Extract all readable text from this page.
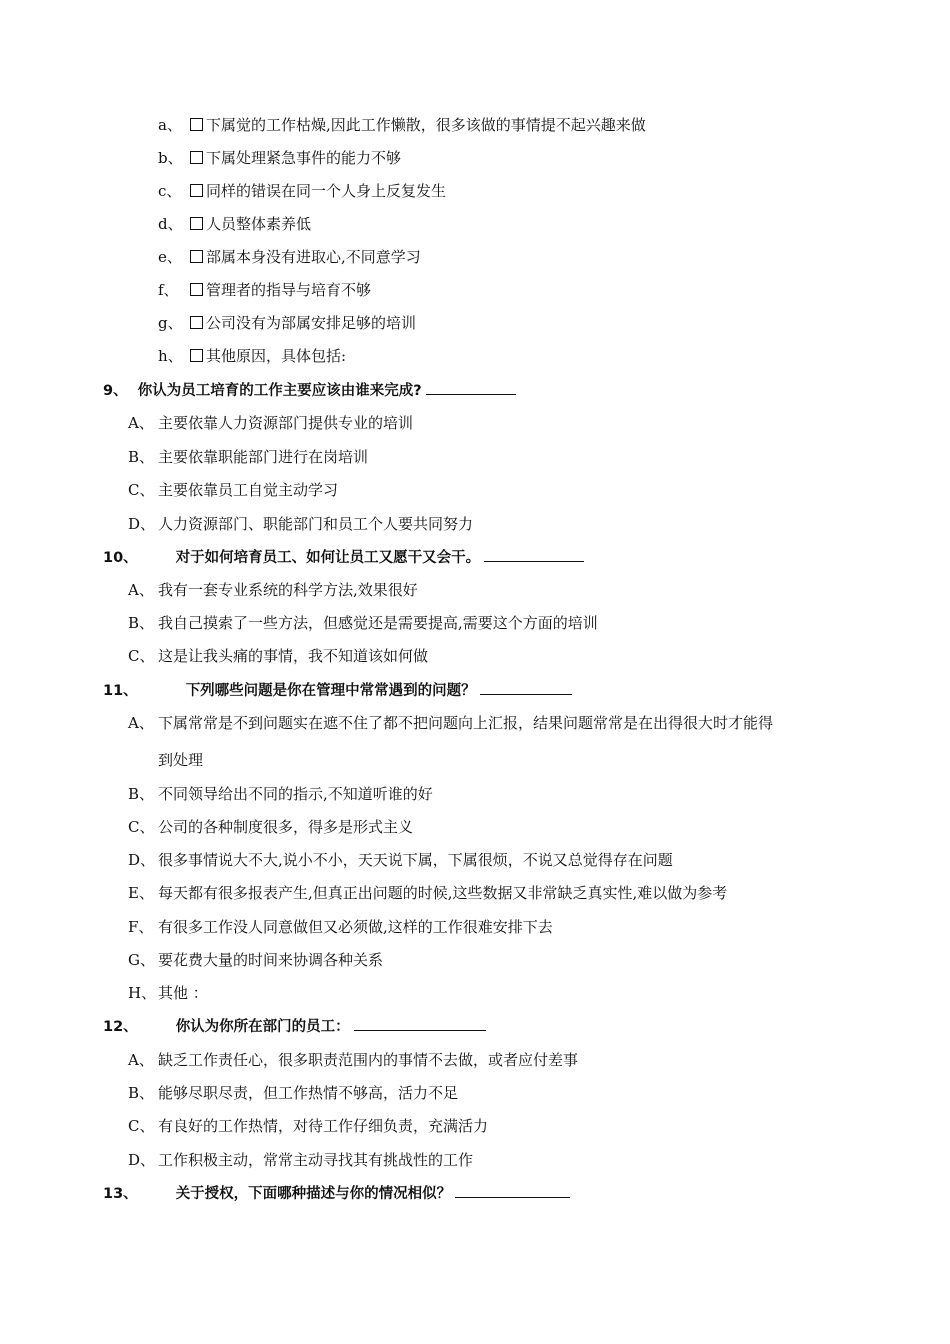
a、 下属觉的工作枯燥,因此工作懒散，很多该做的事情提不起兴趣来做
b、 下属处理紧急事件的能力不够
c、 同样的错误在同一个人身上反复发生
d、 人员整体素养低
e、 部属本身没有进取心,不同意学习
f、 管理者的指导与培育不够
g、 公司没有为部属安排足够的培训
h、 其他原因，具体包括:
9、 你认为员工培育的工作主要应该由谁来完成?
A、 主要依靠人力资源部门提供专业的培训
B、 主要依靠职能部门进行在岗培训
C、 主要依靠员工自觉主动学习
D、 人力资源部门、职能部门和员工个人要共同努力
10、	对于如何培育员工、如何让员工又愿干又会干。
A、 我有一套专业系统的科学方法,效果很好
B、 我自己摸索了一些方法，但感觉还是需要提高,需要这个方面的培训
C、 这是让我头痛的事情，我不知道该如何做
11、	下列哪些问题是你在管理中常常遇到的问题？
A、 下属常常是不到问题实在遮不住了都不把问题向上汇报，结果问题常常是在出得很大时才能得
到处理
B、 不同领导给出不同的指示,不知道听谁的好
C、 公司的各种制度很多，得多是形式主义
D、 很多事情说大不大,说小不小，天天说下属，下属很烦，不说又总觉得存在问题
E、 每天都有很多报表产生,但真正出问题的时候,这些数据又非常缺乏真实性,难以做为参考
F、 有很多工作没人同意做但又必须做,这样的工作很难安排下去
G、 要花费大量的时间来协调各种关系
H、 其他 ：
12、	你认为你所在部门的员工：
A、 缺乏工作责任心，很多职责范围内的事情不去做，或者应付差事
B、 能够尽职尽责，但工作热情不够高，活力不足
C、 有良好的工作热情，对待工作仔细负责，充满活力
D、 工作积极主动，常常主动寻找其有挑战性的工作
13、	关于授权，下面哪种描述与你的情况相似？
